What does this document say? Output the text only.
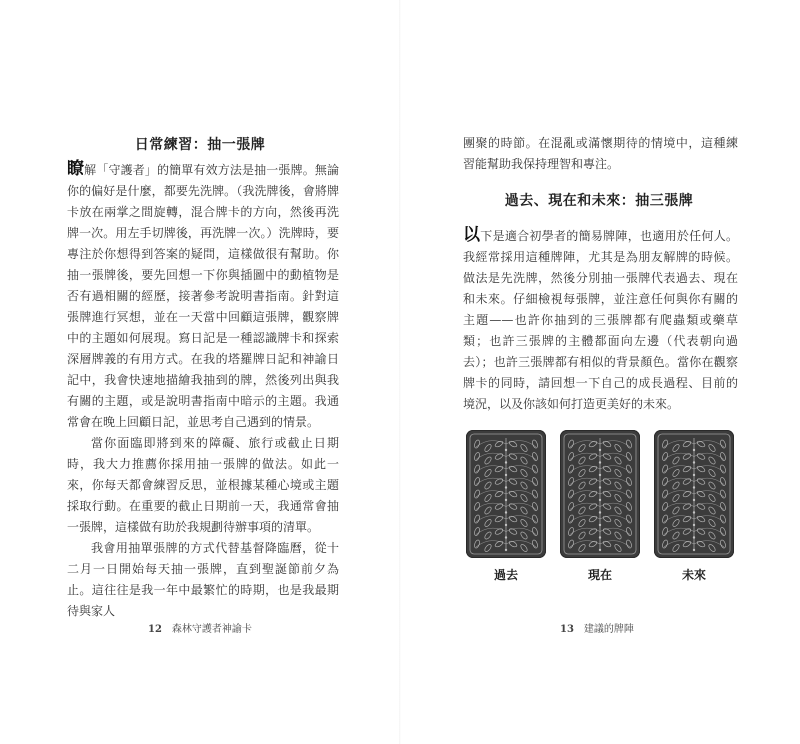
日常練習：抽一張牌

瞭解「守護者」的簡單有效方法是抽一張牌。無論你的偏好是什麼，都要先洗牌。（我洗牌後，會將牌卡放在兩掌之間旋轉，混合牌卡的方向，然後再洗牌一次。用左手切牌後，再洗牌一次。）洗牌時，要專注於你想得到答案的疑問，這樣做很有幫助。你抽一張牌後，要先回想一下你與插圖中的動植物是否有過相關的經歷，接著參考說明書指南。針對這張牌進行冥想，並在一天當中回顧這張牌，觀察牌中的主題如何展現。寫日記是一種認識牌卡和探索深層牌義的有用方式。在我的塔羅牌日記和神諭日記中，我會快速地描繪我抽到的牌，然後列出與我有關的主題，或是說明書指南中暗示的主題。我通常會在晚上回顧日記，並思考自己遇到的情景。

當你面臨即將到來的障礙、旅行或截止日期時，我大力推薦你採用抽一張牌的做法。如此一來，你每天都會練習反思，並根據某種心境或主題採取行動。在重要的截止日期前一天，我通常會抽一張牌，這樣做有助於我規劃待辦事項的清單。

我會用抽單張牌的方式代替基督降臨曆，從十二月一日開始每天抽一張牌，直到聖誕節前夕為止。這往往是我一年中最繁忙的時期，也是我最期待與家人

12 森林守護者神諭卡

團聚的時節。在混亂或滿懷期待的情境中，這種練習能幫助我保持理智和專注。

過去、現在和未來：抽三張牌

以下是適合初學者的簡易牌陣，也適用於任何人。我經常採用這種牌陣，尤其是為朋友解牌的時候。做法是先洗牌，然後分別抽一張牌代表過去、現在和未來。仔細檢視每張牌，並注意任何與你有關的主題——也許你抽到的三張牌都有爬蟲類或藥草類；也許三張牌的主體都面向左邊（代表朝向過去）；也許三張牌都有相似的背景顏色。當你在觀察牌卡的同時，請回想一下自己的成長過程、目前的境況，以及你該如何打造更美好的未來。

過去	現在	未來
13 建議的牌陣
